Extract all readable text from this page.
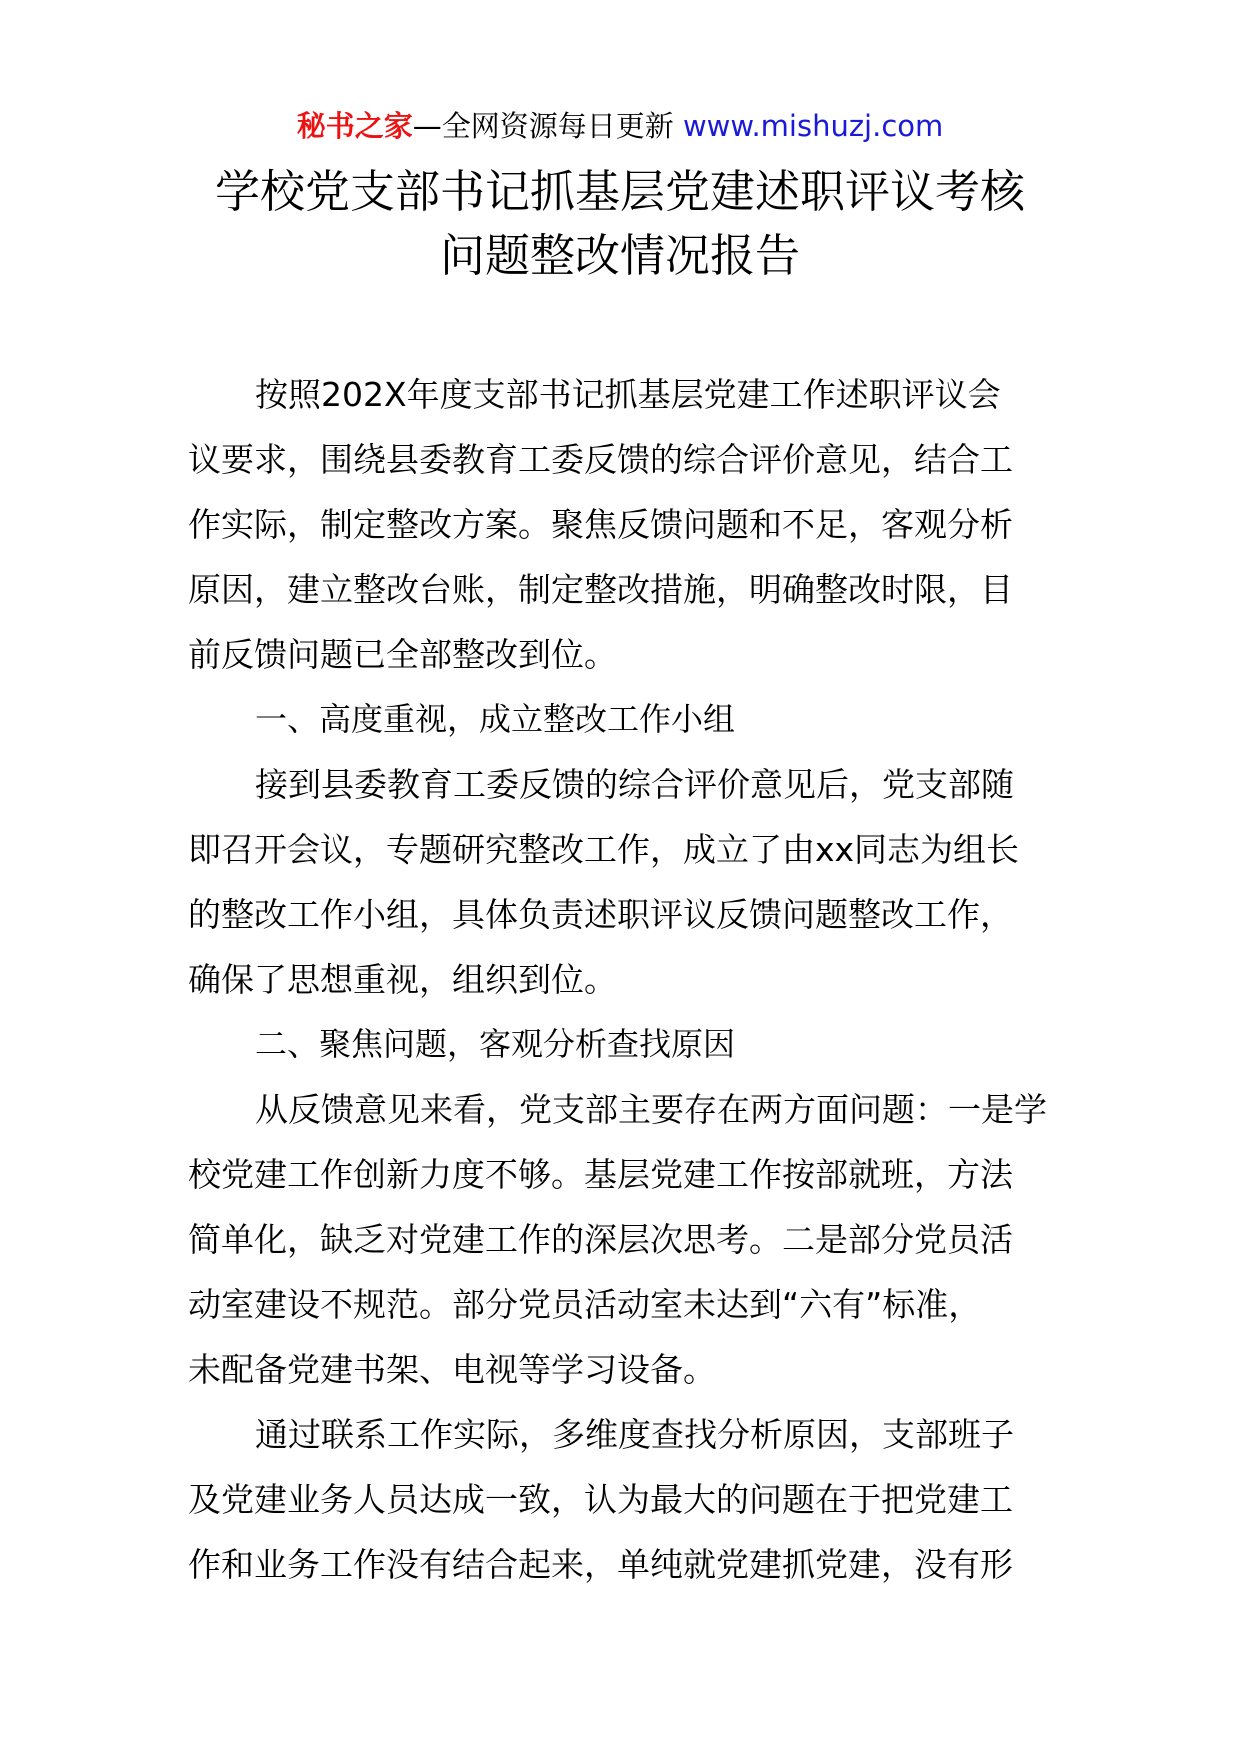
秘书之家—全网资源每日更新 www.mishuzj.com
学校党支部书记抓基层党建述职评议考核
问题整改情况报告
按照202X年度支部书记抓基层党建工作述职评议会
议要求，围绕县委教育工委反馈的综合评价意见，结合工
作实际，制定整改方案。聚焦反馈问题和不足，客观分析
原因，建立整改台账，制定整改措施，明确整改时限，目
前反馈问题已全部整改到位。
一、高度重视，成立整改工作小组
接到县委教育工委反馈的综合评价意见后，党支部随
即召开会议，专题研究整改工作，成立了由xx同志为组长
的整改工作小组，具体负责述职评议反馈问题整改工作，
确保了思想重视，组织到位。
二、聚焦问题，客观分析查找原因
从反馈意见来看，党支部主要存在两方面问题：一是学
校党建工作创新力度不够。基层党建工作按部就班，方法
简单化，缺乏对党建工作的深层次思考。二是部分党员活
动室建设不规范。部分党员活动室未达到“六有”标准，
未配备党建书架、电视等学习设备。
通过联系工作实际，多维度查找分析原因，支部班子
及党建业务人员达成一致，认为最大的问题在于把党建工
作和业务工作没有结合起来，单纯就党建抓党建，没有形
